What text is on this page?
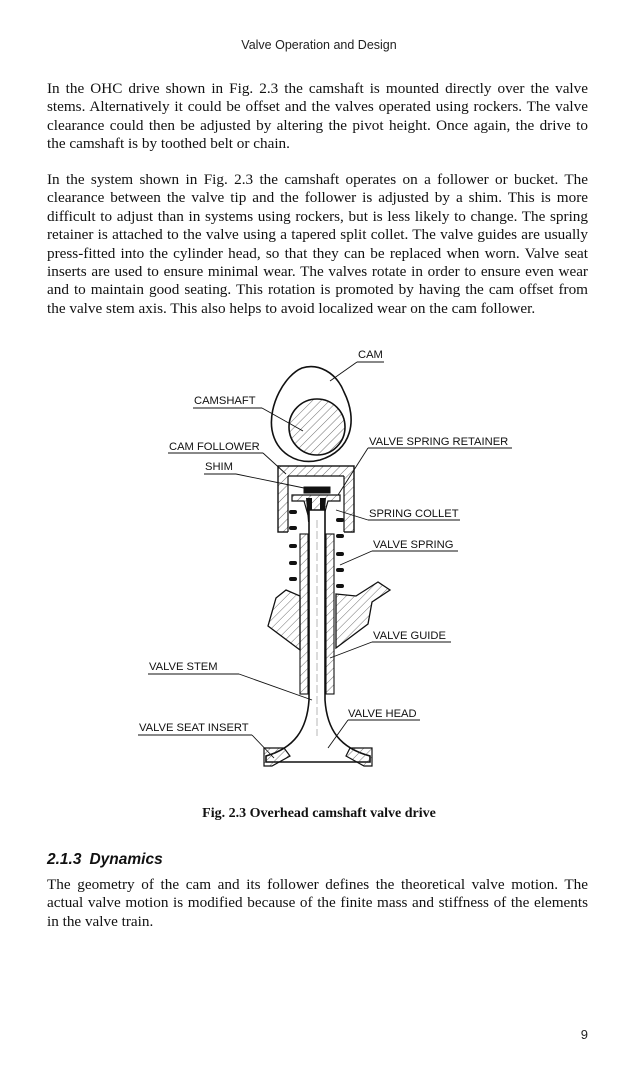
Valve Operation and Design

In the OHC drive shown in Fig. 2.3 the camshaft is mounted directly over the valve stems. Alternatively it could be offset and the valves operated using rockers. The valve clearance could then be adjusted by altering the pivot height. Once again, the drive to the camshaft is by toothed belt or chain.

In the system shown in Fig. 2.3 the camshaft operates on a follower or bucket. The clearance between the valve tip and the follower is adjusted by a shim. This is more difficult to adjust than in systems using rockers, but is less likely to change. The spring retainer is attached to the valve using a tapered split collet. The valve guides are usually press-fitted into the cylinder head, so that they can be replaced when worn. Valve seat inserts are used to ensure minimal wear. The valves rotate in order to ensure even wear and to maintain good seating. This rotation is promoted by having the cam offset from the valve stem axis. This also helps to avoid localized wear on the cam follower.

CAM
CAMSHAFT
CAM FOLLOWER
SHIM
VALVE SPRING RETAINER
SPRING COLLET
VALVE SPRING
VALVE GUIDE
VALVE STEM
VALVE HEAD
VALVE SEAT INSERT
Fig. 2.3 Overhead camshaft valve drive
2.1.3 Dynamics

The geometry of the cam and its follower defines the theoretical valve motion. The actual valve motion is modified because of the finite mass and stiffness of the elements in the valve train.

9
